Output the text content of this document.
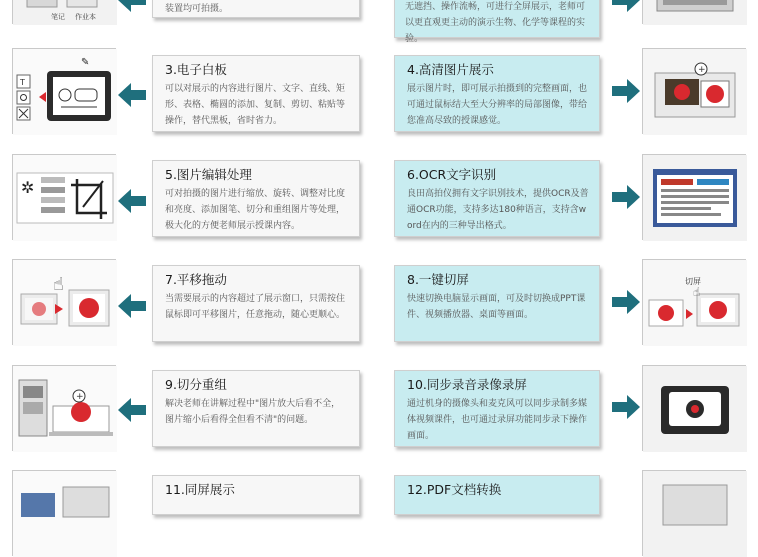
笔记 作业本
装置均可拍摄。	无遮挡、操作流畅，可进行全屏展示，老师可以更直观更主动的演示生物、化学等课程的实验。
T
✎	3.电子白板
可以对展示的内容进行图片、文字、直线、矩形、表格、椭圆的添加、复制、剪切、粘贴等操作，替代黑板，省时省力。
4.高清图片展示
展示图片时，即可展示拍摄到的完整画面，也可通过鼠标结大至大分辨率的局部图像，带给您准高尽致的授课感觉。
+
✲
5.图片编辑处理
可对拍摄的图片进行缩放、旋转、调整对比度和亮度、添加图笔、切分和重组图片等处理，极大化的方便老师展示授课内容。
6.OCR文字识别
良田高拍仪拥有文字识别技术，提供OCR及普通OCR功能，支持多达180种语言，支持含word在内的三种导出格式。
☝	7.平移拖动
当需要展示的内容超过了展示窗口，只需按住鼠标即可平移图片，任意拖动，随心更顺心。
8.一键切屏
快速切换电脑显示画面，可及时切换成PPT课件、视频播放器、桌面等画面。
切屏
☝
+
9.切分重组
解决老师在讲解过程中"图片放大后看不全，图片缩小后看得全但看不清"的问题。
10.同步录音录像录屏
通过机身的摄像头和麦克风可以同步录制多媒体视频课件，也可通过录屏功能同步录下操作画面。
11.同屏展示	12.PDF文档转换
